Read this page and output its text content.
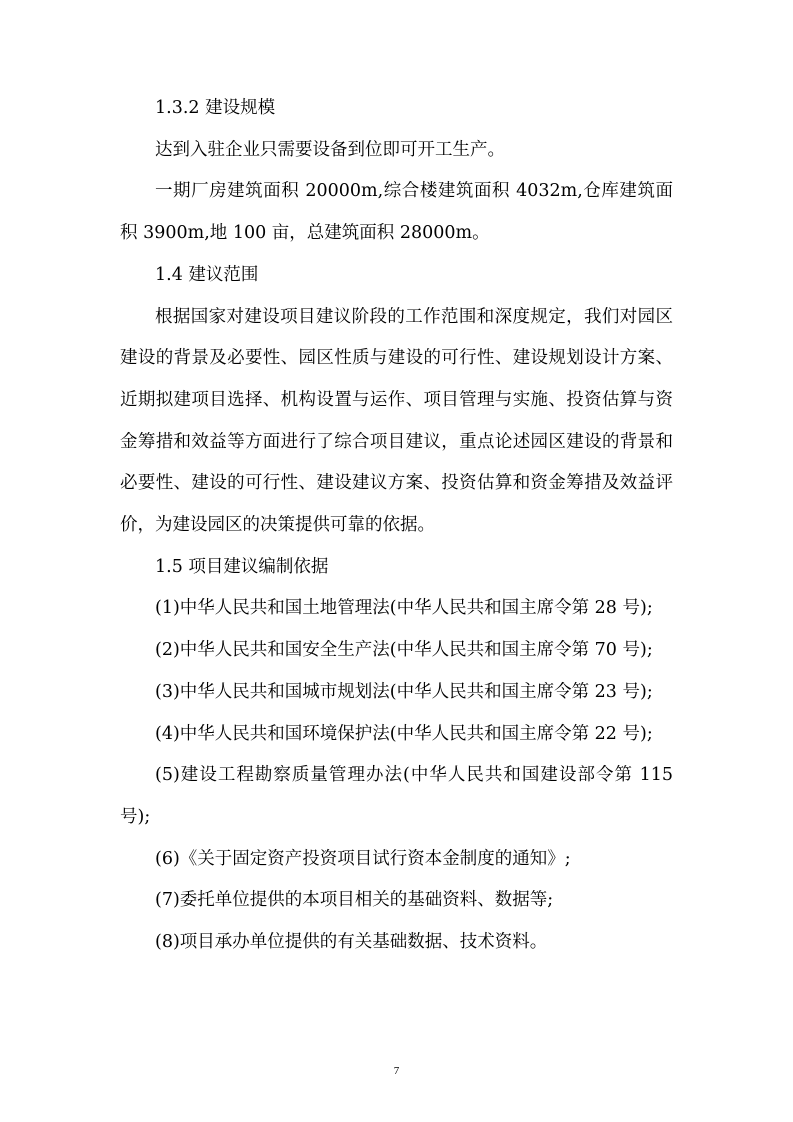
1.3.2 建设规模

达到入驻企业只需要设备到位即可开工生产。

一期厂房建筑面积 20000m,综合楼建筑面积 4032m,仓库建筑面积 3900m,地 100 亩，总建筑面积 28000m。

1.4 建议范围

根据国家对建设项目建议阶段的工作范围和深度规定，我们对园区建设的背景及必要性、园区性质与建设的可行性、建设规划设计方案、近期拟建项目选择、机构设置与运作、项目管理与实施、投资估算与资金筹措和效益等方面进行了综合项目建议，重点论述园区建设的背景和必要性、建设的可行性、建设建议方案、投资估算和资金筹措及效益评价，为建设园区的决策提供可靠的依据。

1.5 项目建议编制依据

(1)中华人民共和国土地管理法(中华人民共和国主席令第 28 号);

(2)中华人民共和国安全生产法(中华人民共和国主席令第 70 号);

(3)中华人民共和国城市规划法(中华人民共和国主席令第 23 号);

(4)中华人民共和国环境保护法(中华人民共和国主席令第 22 号);

(5)建设工程勘察质量管理办法(中华人民共和国建设部令第 115 号);

(6)《关于固定资产投资项目试行资本金制度的通知》;

(7)委托单位提供的本项目相关的基础资料、数据等;

(8)项目承办单位提供的有关基础数据、技术资料。

7
